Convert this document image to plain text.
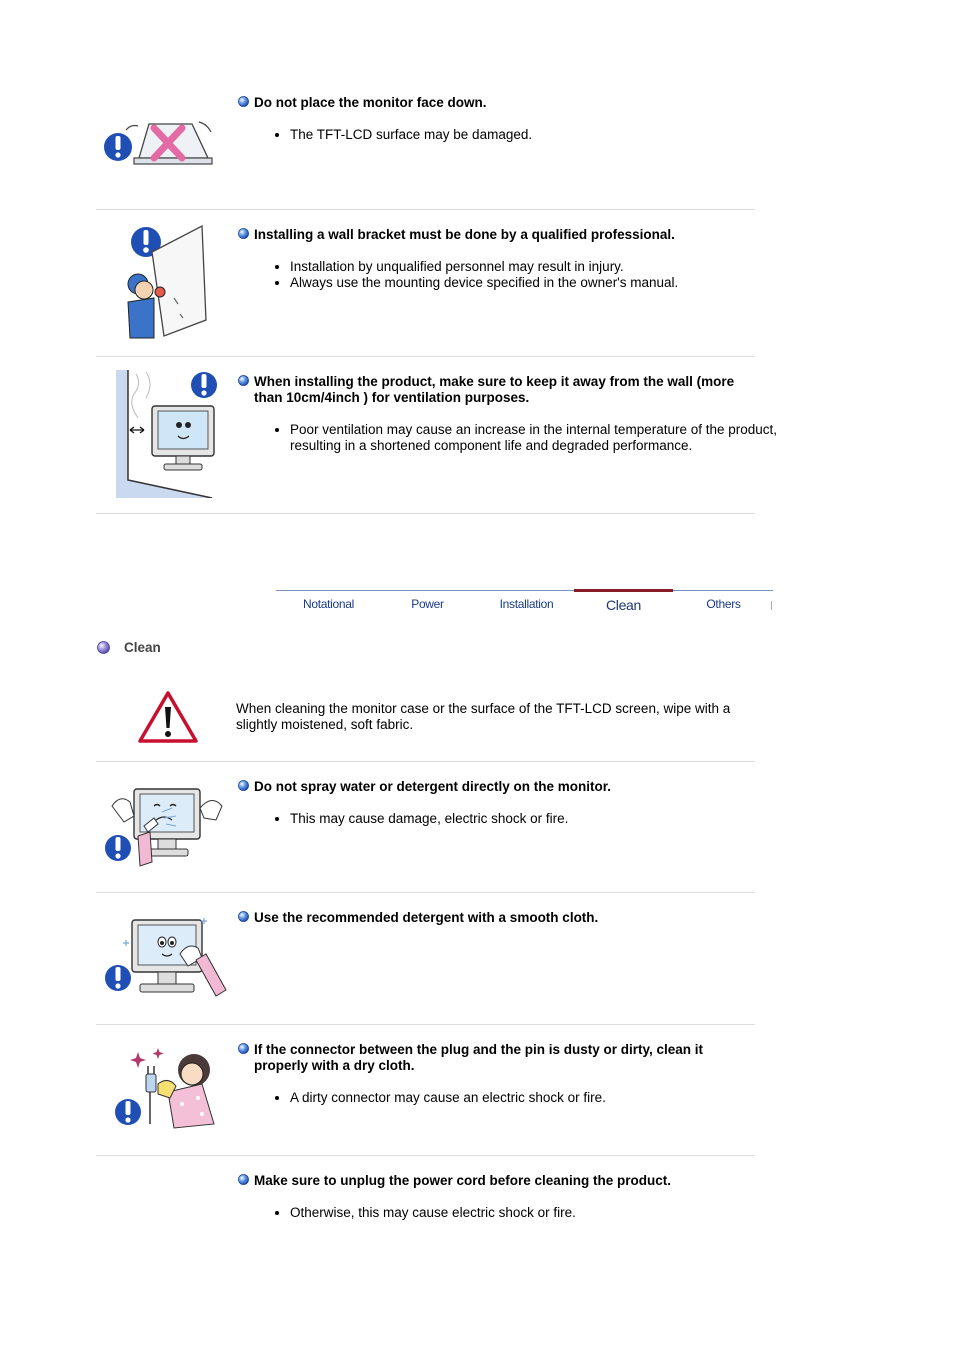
Do not place the monitor face down.
• The TFT-LCD surface may be damaged.
Installing a wall bracket must be done by a qualified professional.
• Installation by unqualified personnel may result in injury.
• Always use the mounting device specified in the owner's manual.
When installing the product, make sure to keep it away from the wall (more than 10cm/4inch ) for ventilation purposes.
• Poor ventilation may cause an increase in the internal temperature of the product, resulting in a shortened component life and degraded performance.
Notational	Power	Installation	Clean	Others
Clean
When cleaning the monitor case or the surface of the TFT-LCD screen, wipe with a slightly moistened, soft fabric.
Do not spray water or detergent directly on the monitor.
• This may cause damage, electric shock or fire.
Use the recommended detergent with a smooth cloth.
If the connector between the plug and the pin is dusty or dirty, clean it properly with a dry cloth.
• A dirty connector may cause an electric shock or fire.
Make sure to unplug the power cord before cleaning the product.
• Otherwise, this may cause electric shock or fire.
